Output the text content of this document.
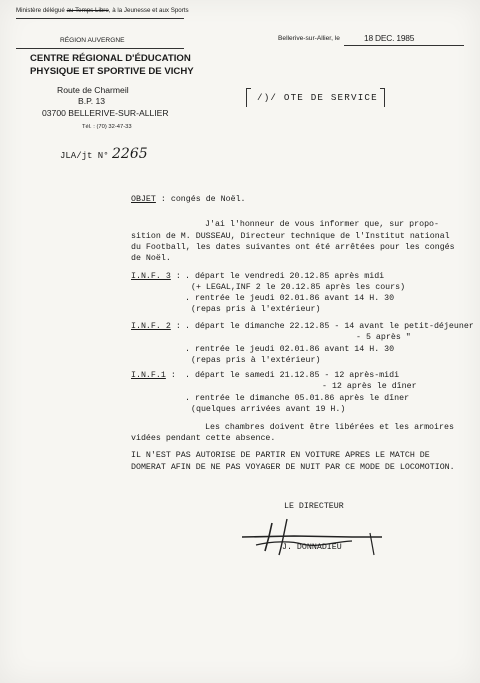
Ministère délégué au Temps Libre, à la Jeunesse et aux Sports
RÉGION AUVERGNE
CENTRE RÉGIONAL D'ÉDUCATION
PHYSIQUE ET SPORTIVE DE VICHY
Route de Charmeil
B.P. 13
03700 BELLERIVE-SUR-ALLIER
Tél. : (70) 32-47-33
Bellerive-sur-Allier, le	18 DEC. 1985
/)/ OTE DE SERVICE
JLA/jt N° 2265
OBJET : congés de Noël.
J'ai l'honneur de vous informer que, sur propo-
sition de M. DUSSEAU, Directeur technique de l'Institut national
du Football, les dates suivantes ont été arrêtées pour les congés
de Noël.
I.N.F. 3 : . départ le vendredi 20.12.85 après midi
(+ LEGAL,INF 2 le 20.12.85 après les cours)
. rentrée le jeudi 02.01.86 avant 14 H. 30
(repas pris à l'extérieur)
I.N.F. 2 : . départ le dimanche 22.12.85 - 14 avant le petit-déjeuner
- 5 après "
. rentrée le jeudi 02.01.86 avant 14 H. 30
(repas pris à l'extérieur)
I.N.F.1 : . départ le samedi 21.12.85 - 12 après-midi
- 12 après le dîner
. rentrée le dimanche 05.01.86 après le dîner
(quelques arrivées avant 19 H.)
Les chambres doivent être libérées et les armoires
vidées pendant cette absence.
IL N'EST PAS AUTORISE DE PARTIR EN VOITURE APRES LE MATCH DE
DOMERAT AFIN DE NE PAS VOYAGER DE NUIT PAR CE MODE DE LOCOMOTION.
LE DIRECTEUR
J. DONNADIEU
